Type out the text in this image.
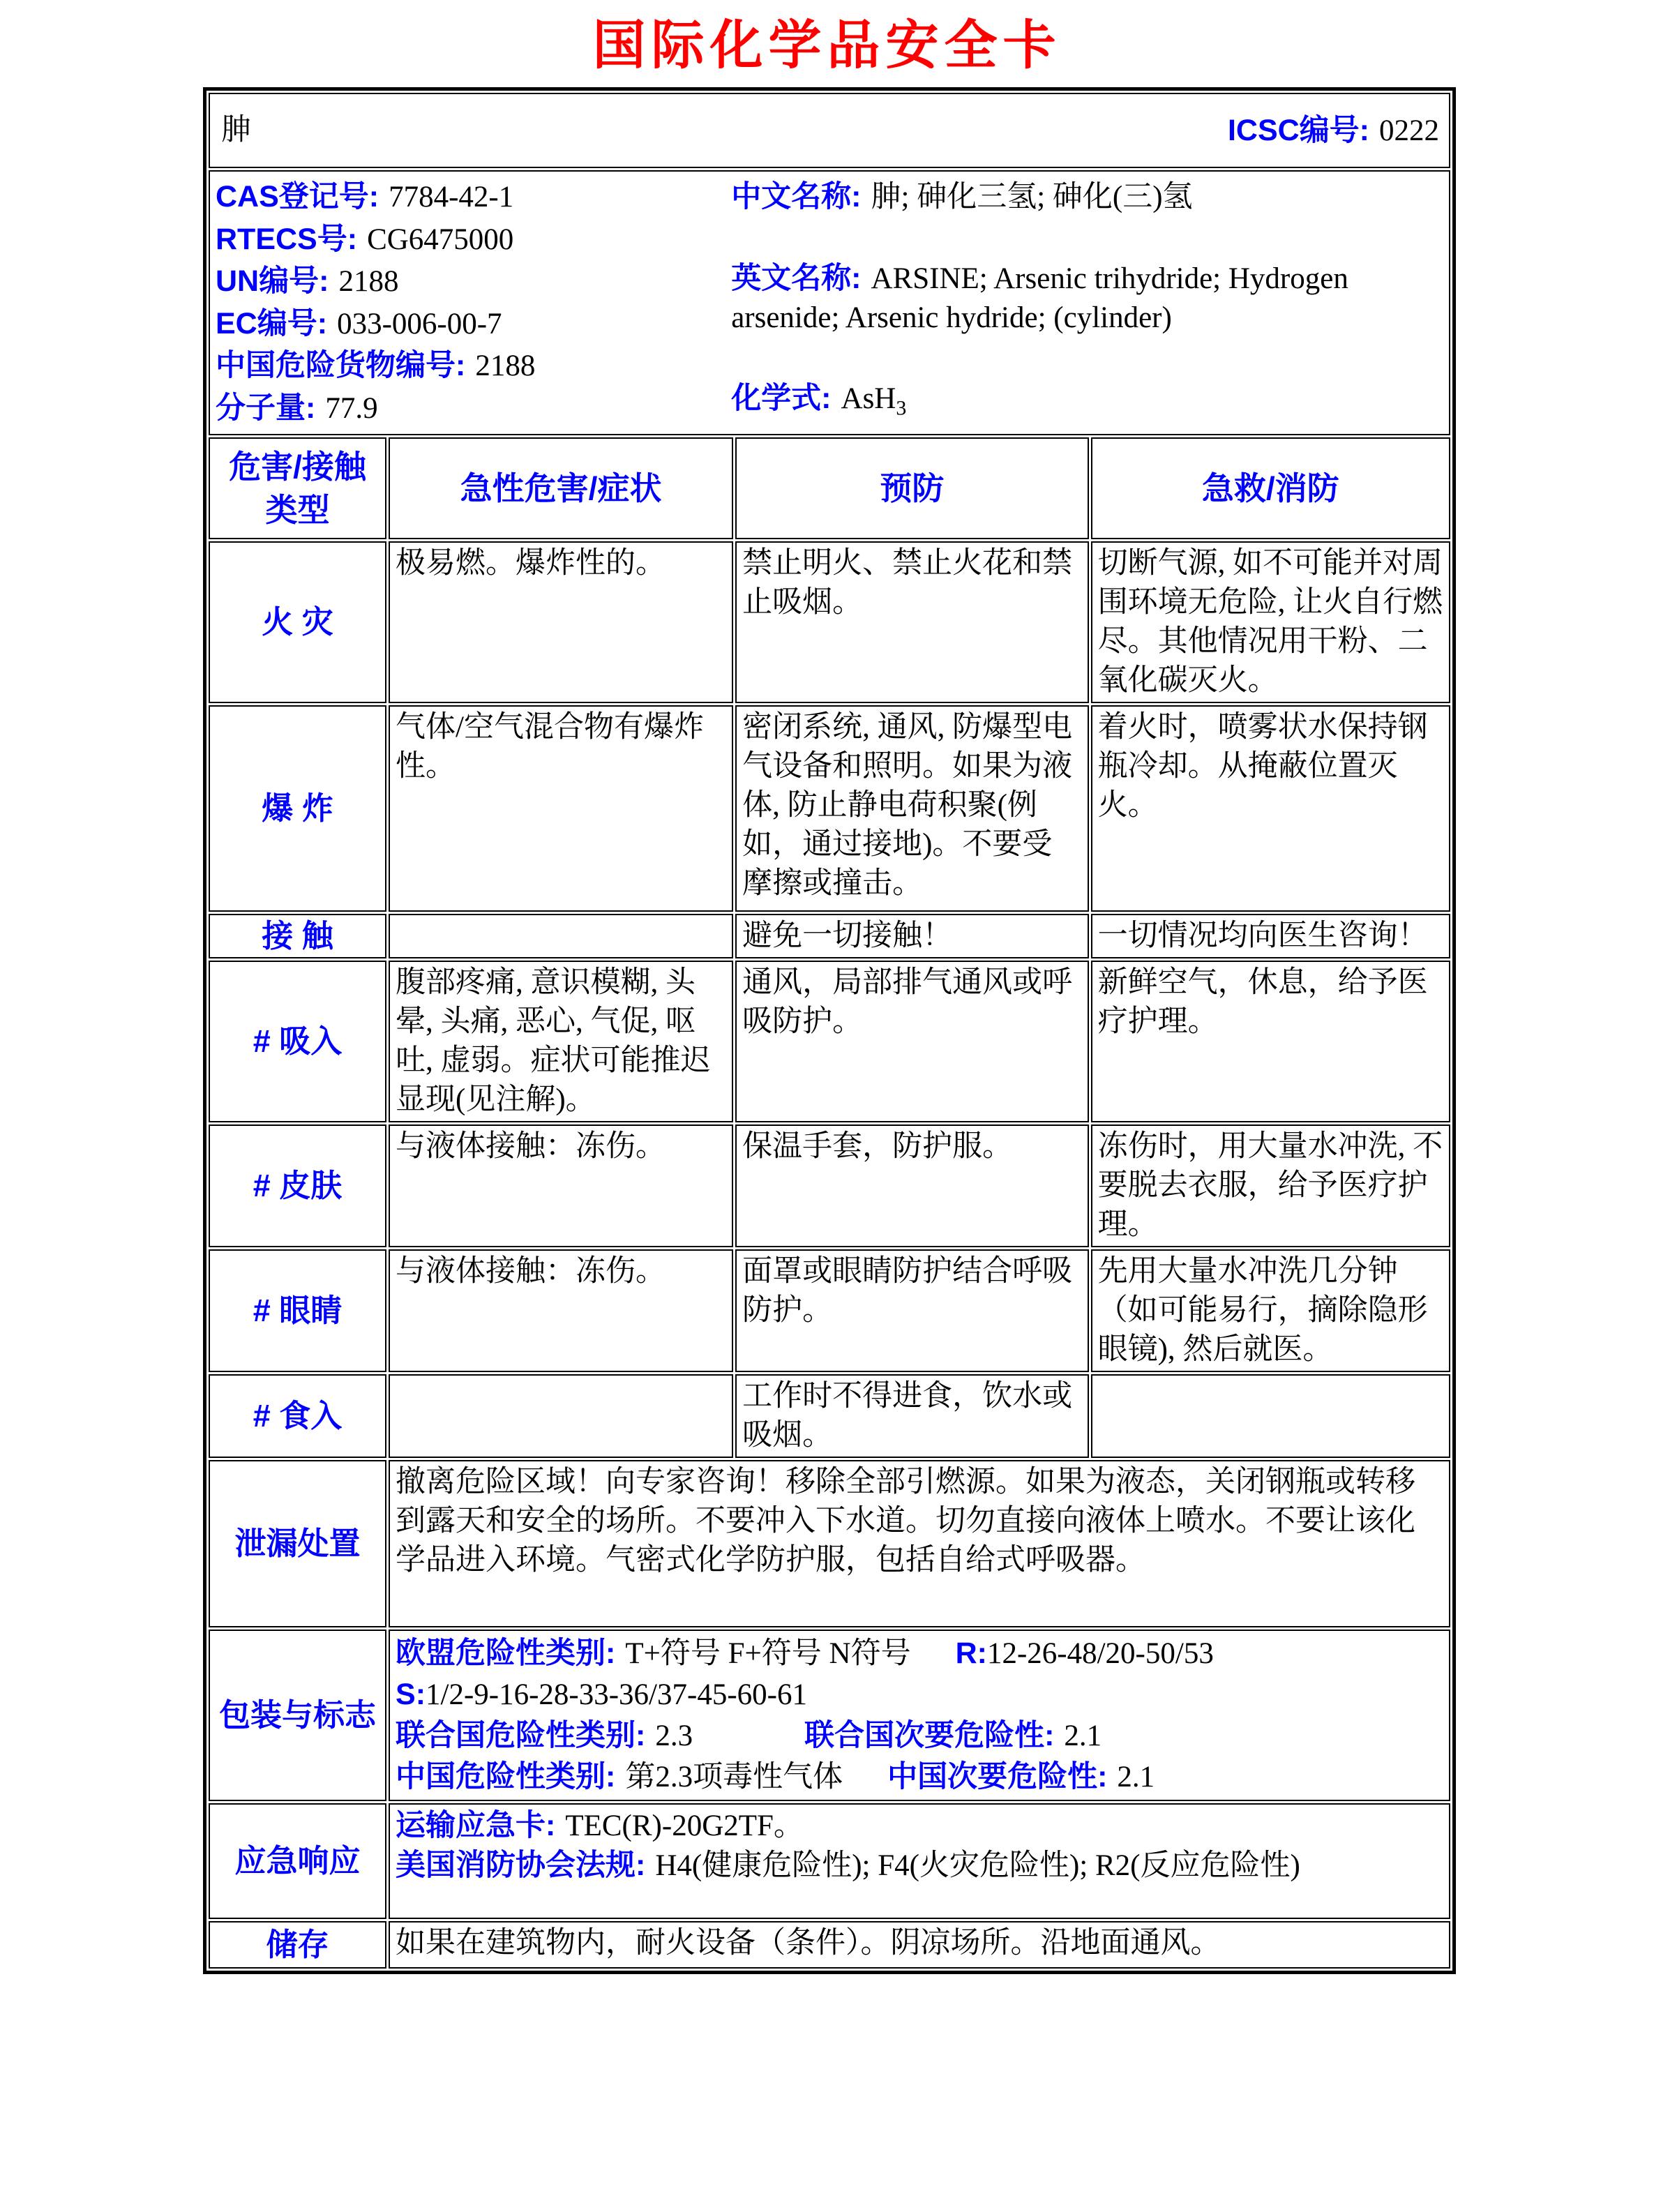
国际化学品安全卡
胂 ICSC编号: 0222			

CAS登记号: 7784-42-1
RTECS号: CG6475000
UN编号: 2188
EC编号: 033-006-00-7
中国危险货物编号: 2188
分子量: 77.9
中文名称: 胂; 砷化三氢; 砷化(三)氢
英文名称: ARSINE; Arsenic trihydride; Hydrogen arsenide; Arsenic hydride; (cylinder)
化学式: AsH$_3$

危害/接触
类型	急性危害/症状	预防	急救/消防
火 灾	极易燃。爆炸性的。	禁止明火、禁止火花和禁止吸烟。	切断气源, 如不可能并对周围环境无危险, 让火自行燃尽。其他情况用干粉、二氧化碳灭火。
爆 炸	气体/空气混合物有爆炸性。	密闭系统, 通风, 防爆型电气设备和照明。如果为液体, 防止静电荷积聚(例如，通过接地)。不要受摩擦或撞击。	着火时，喷雾状水保持钢瓶冷却。从掩蔽位置灭火。
接 触		避免一切接触！	一切情况均向医生咨询！
# 吸入	腹部疼痛, 意识模糊, 头晕, 头痛, 恶心, 气促, 呕吐, 虚弱。症状可能推迟显现(见注解)。	通风，局部排气通风或呼吸防护。	新鲜空气，休息，给予医疗护理。
# 皮肤	与液体接触：冻伤。	保温手套，防护服。	冻伤时，用大量水冲洗, 不要脱去衣服，给予医疗护理。
# 眼睛	与液体接触：冻伤。	面罩或眼睛防护结合呼吸防护。	先用大量水冲洗几分钟（如可能易行，摘除隐形眼镜), 然后就医。
# 食入		工作时不得进食，饮水或吸烟。	
泄漏处置	撤离危险区域！向专家咨询！移除全部引燃源。如果为液态，关闭钢瓶或转移到露天和安全的场所。不要冲入下水道。切勿直接向液体上喷水。不要让该化学品进入环境。气密式化学防护服，包括自给式呼吸器。		
包装与标志	欧盟危险性类别: T+符号 F+符号 N符号 R:12-26-48/20-50/53
S:1/2-9-16-28-33-36/37-45-60-61
联合国危险性类别: 2.3 联合国次要危险性: 2.1
中国危险性类别: 第2.3项毒性气体 中国次要危险性: 2.1		

应急响应	运输应急卡: TEC(R)-20G2TF。
美国消防协会法规: H4(健康危险性); F4(火灾危险性); R2(反应危险性)		

储存	如果在建筑物内，耐火设备（条件）。阴凉场所。沿地面通风。		
